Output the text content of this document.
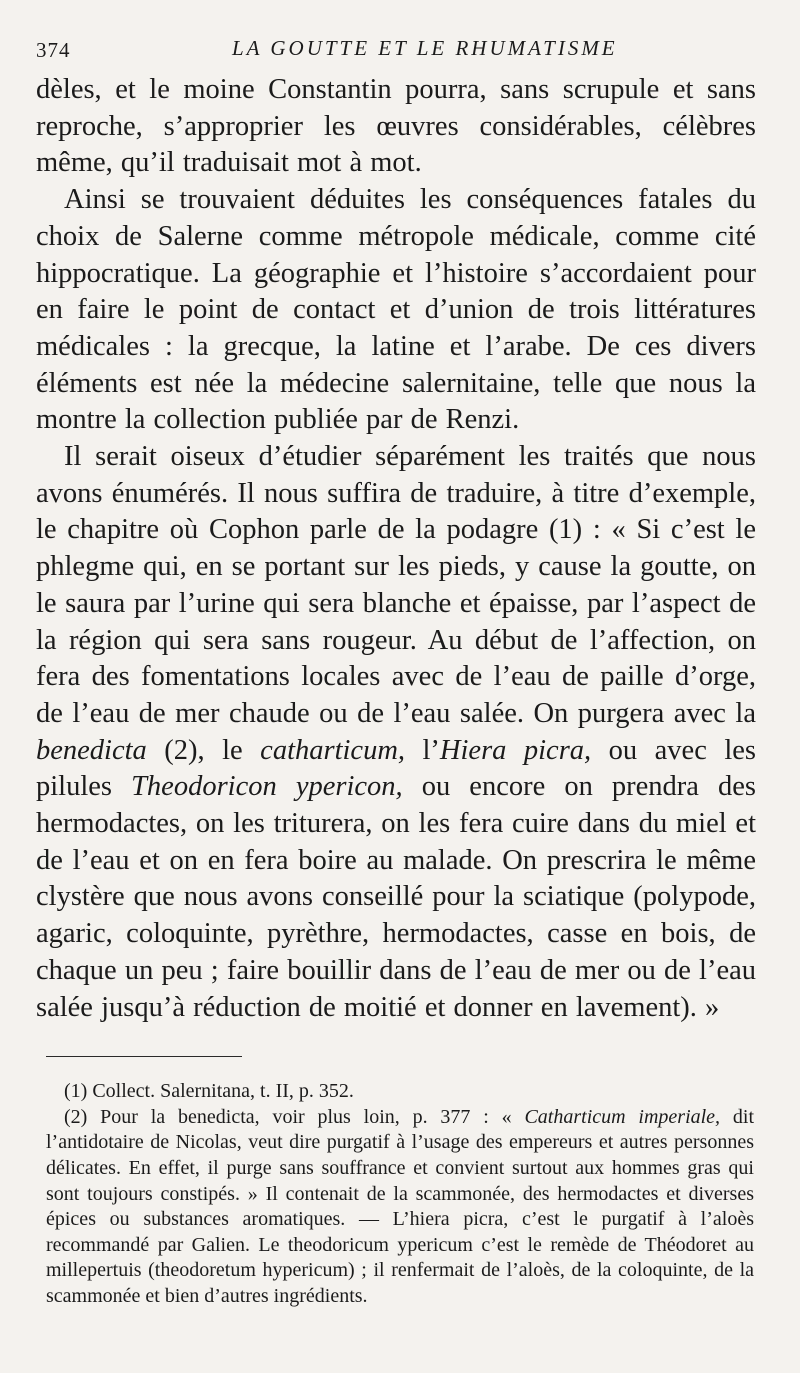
374	LA GOUTTE ET LE RHUMATISME

dèles, et le moine Constantin pourra, sans scrupule et sans reproche, s’approprier les œuvres considérables, célèbres même, qu’il traduisait mot à mot.

Ainsi se trouvaient déduites les conséquences fatales du choix de Salerne comme métropole médicale, comme cité hippocratique. La géographie et l’histoire s’accordaient pour en faire le point de contact et d’union de trois littératures médicales : la grecque, la latine et l’arabe. De ces divers éléments est née la médecine salernitaine, telle que nous la montre la collection publiée par de Renzi.

Il serait oiseux d’étudier séparément les traités que nous avons énumérés. Il nous suffira de traduire, à titre d’exemple, le chapitre où Cophon parle de la podagre (1) : « Si c’est le phlegme qui, en se portant sur les pieds, y cause la goutte, on le saura par l’urine qui sera blanche et épaisse, par l’aspect de la région qui sera sans rougeur. Au début de l’affection, on fera des fomentations locales avec de l’eau de paille d’orge, de l’eau de mer chaude ou de l’eau salée. On purgera avec la benedicta (2), le catharticum, l’Hiera picra, ou avec les pilules Theodoricon ypericon, ou encore on prendra des hermodactes, on les triturera, on les fera cuire dans du miel et de l’eau et on en fera boire au malade. On prescrira le même clystère que nous avons conseillé pour la sciatique (polypode, agaric, coloquinte, pyrèthre, hermodactes, casse en bois, de chaque un peu ; faire bouillir dans de l’eau de mer ou de l’eau salée jusqu’à réduction de moitié et donner en lavement). »

(1) Collect. Salernitana, t. II, p. 352.

(2) Pour la benedicta, voir plus loin, p. 377 : « Catharticum imperiale, dit l’antidotaire de Nicolas, veut dire purgatif à l’usage des empereurs et autres personnes délicates. En effet, il purge sans souffrance et convient surtout aux hommes gras qui sont toujours constipés. » Il contenait de la scammonée, des hermodactes et diverses épices ou substances aromatiques. — L’hiera picra, c’est le purgatif à l’aloès recommandé par Galien. Le theodoricum ypericum c’est le remède de Théodoret au millepertuis (theodoretum hypericum) ; il renfermait de l’aloès, de la coloquinte, de la scammonée et bien d’autres ingrédients.
